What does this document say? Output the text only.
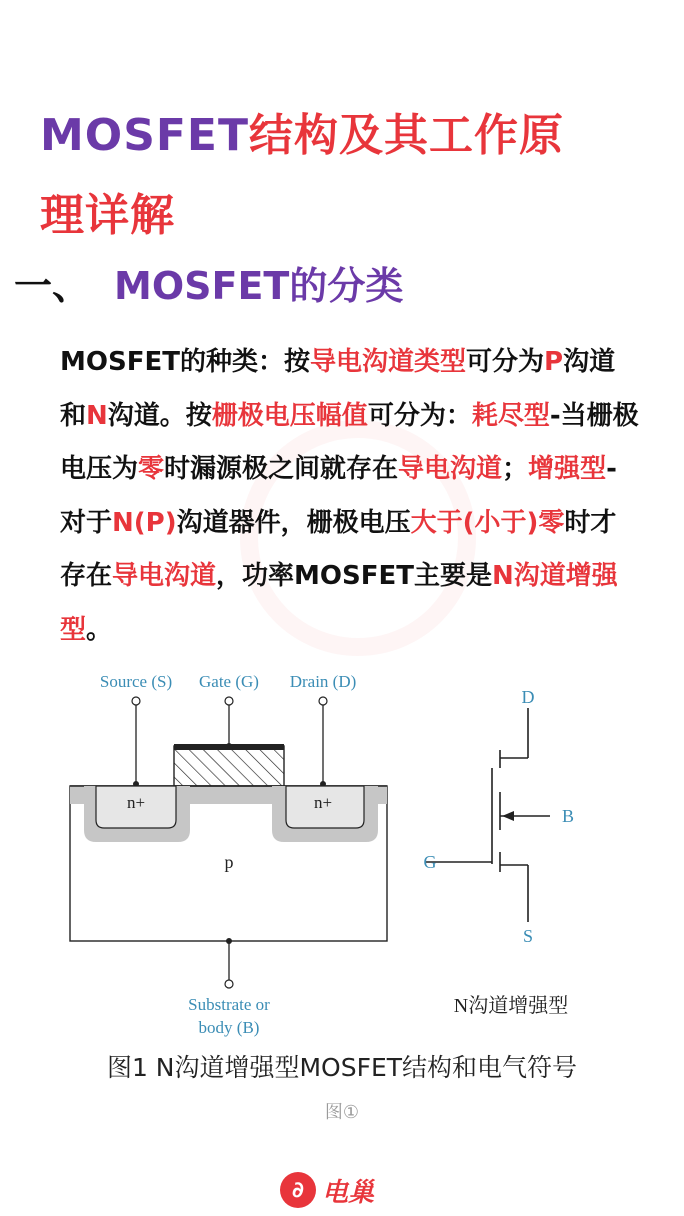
MOSFET结构及其工作原
理详解
一、 MOSFET的分类
MOSFET的种类：按导电沟道类型可分为P沟道和N沟道。按栅极电压幅值可分为：耗尽型-当栅极电压为零时漏源极之间就存在导电沟道；增强型-对于N(P)沟道器件，栅极电压大于(小于)零时才存在导电沟道，功率MOSFET主要是N沟道增强型。
Source (S) Gate (G) Drain (D)
n+	n+
p
Substrate or
body (B)
D
B
G
S
N沟道增强型
图1 N沟道增强型MOSFET结构和电气符号
图①
∂ 电巢
